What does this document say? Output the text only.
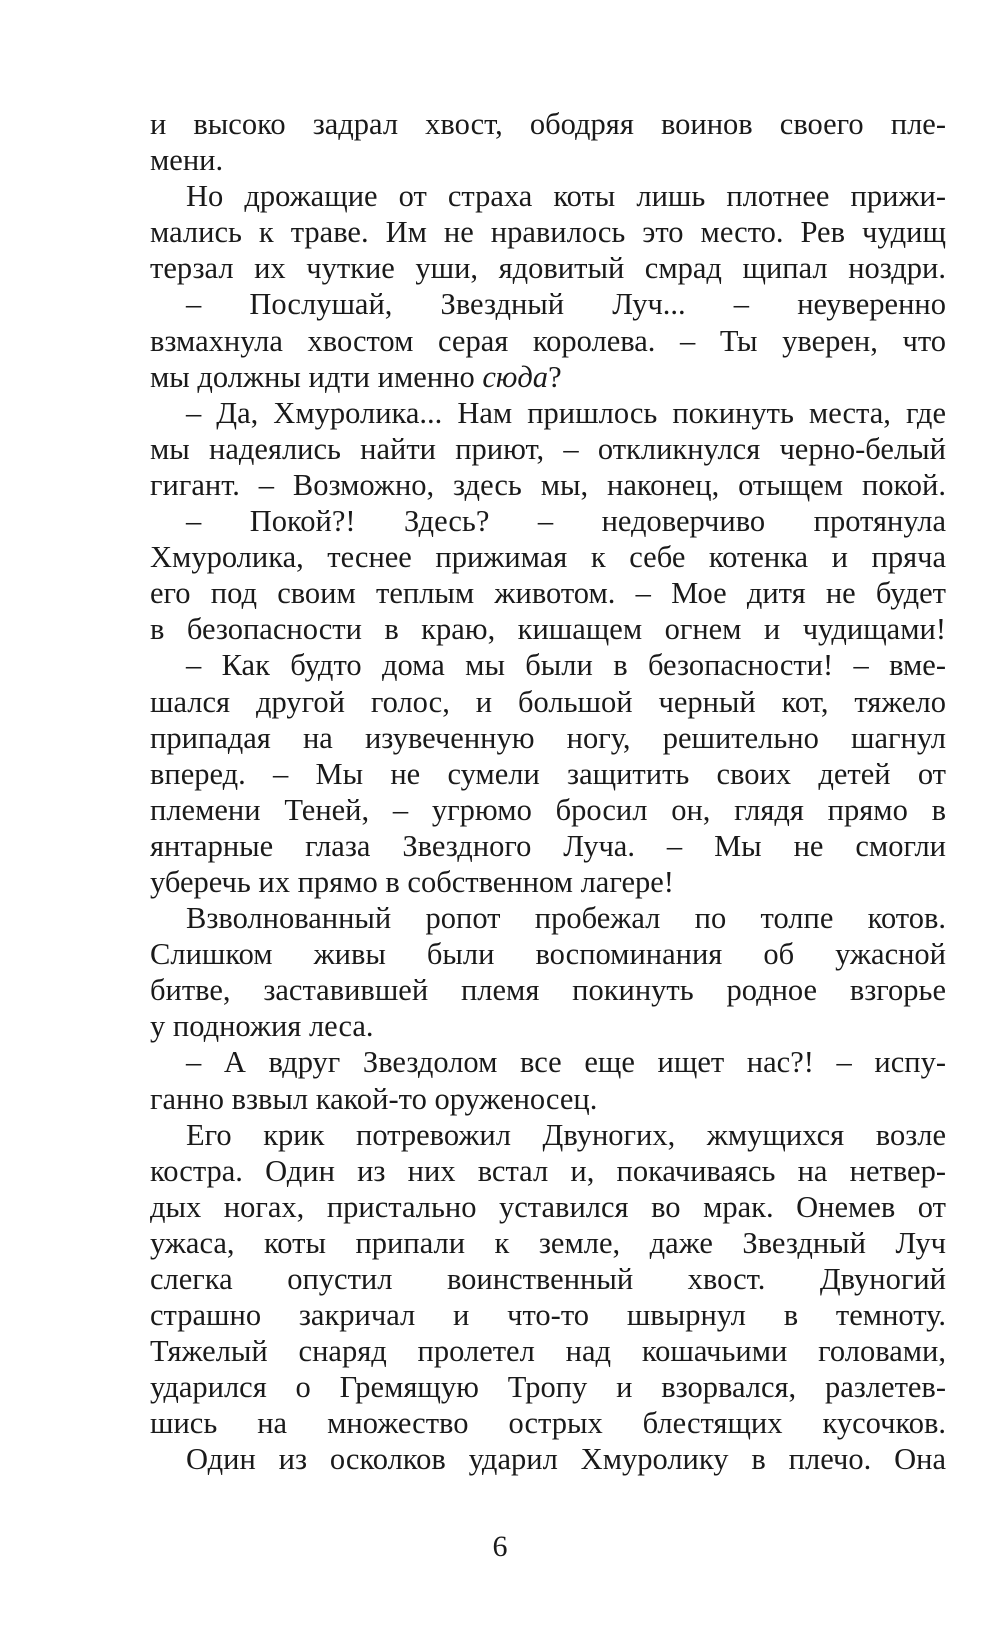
и высоко задрал хвост, ободряя воинов своего пле-
мени.
Но дрожащие от страха коты лишь плотнее прижи-
мались к траве. Им не нравилось это место. Рев чудищ
терзал их чуткие уши, ядовитый смрад щипал ноздри.
– Послушай, Звездный Луч... – неуверенно
взмахнула хвостом серая королева. – Ты уверен, что
мы должны идти именно сюда?
– Да, Хмуролика... Нам пришлось покинуть места, где
мы надеялись найти приют, – откликнулся черно-белый
гигант. – Возможно, здесь мы, наконец, отыщем покой.
– Покой?! Здесь? – недоверчиво протянула
Хмуролика, теснее прижимая к себе котенка и пряча
его под своим теплым животом. – Мое дитя не будет
в безопасности в краю, кишащем огнем и чудищами!
– Как будто дома мы были в безопасности! – вме-
шался другой голос, и большой черный кот, тяжело
припадая на изувеченную ногу, решительно шагнул
вперед. – Мы не сумели защитить своих детей от
племени Теней, – угрюмо бросил он, глядя прямо в
янтарные глаза Звездного Луча. – Мы не смогли
уберечь их прямо в собственном лагере!
Взволнованный ропот пробежал по толпе котов.
Слишком живы были воспоминания об ужасной
битве, заставившей племя покинуть родное взгорье
у подножия леса.
– А вдруг Звездолом все еще ищет нас?! – испу-
ганно взвыл какой-то оруженосец.
Его крик потревожил Двуногих, жмущихся возле
костра. Один из них встал и, покачиваясь на нетвер-
дых ногах, пристально уставился во мрак. Онемев от
ужаса, коты припали к земле, даже Звездный Луч
слегка опустил воинственный хвост. Двуногий
страшно закричал и что-то швырнул в темноту.
Тяжелый снаряд пролетел над кошачьими головами,
ударился о Гремящую Тропу и взорвался, разлетев-
шись на множество острых блестящих кусочков.
Один из осколков ударил Хмуролику в плечо. Она
6
